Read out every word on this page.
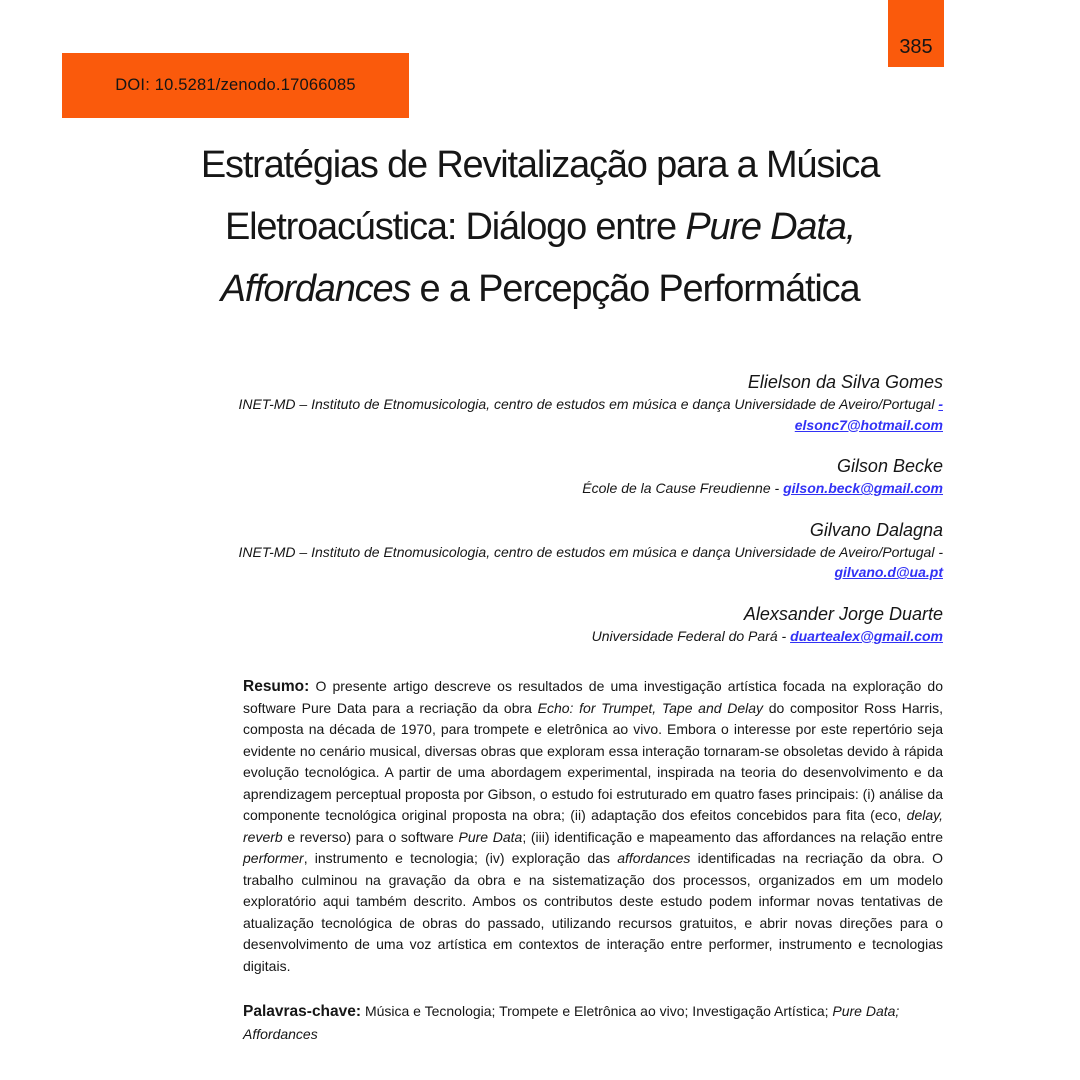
DOI: 10.5281/zenodo.17066085
385
Estratégias de Revitalização para a Música
Eletroacústica: Diálogo entre Pure Data,
Affordances e a Percepção Performática
Elielson da Silva Gomes
INET-MD – Instituto de Etnomusicologia, centro de estudos em música e dança Universidade de Aveiro/Portugal -
elsonc7@hotmail.com
Gilson Becke
École de la Cause Freudienne - gilson.beck@gmail.com
Gilvano Dalagna
INET-MD – Instituto de Etnomusicologia, centro de estudos em música e dança Universidade de Aveiro/Portugal -
gilvano.d@ua.pt
Alexsander Jorge Duarte
Universidade Federal do Pará - duartealex@gmail.com

Resumo: O presente artigo descreve os resultados de uma investigação artística focada na exploração do software Pure Data para a recriação da obra Echo: for Trumpet, Tape and Delay do compositor Ross Harris, composta na década de 1970, para trompete e eletrônica ao vivo. Embora o interesse por este repertório seja evidente no cenário musical, diversas obras que exploram essa interação tornaram-se obsoletas devido à rápida evolução tecnológica. A partir de uma abordagem experimental, inspirada na teoria do desenvolvimento e da aprendizagem perceptual proposta por Gibson, o estudo foi estruturado em quatro fases principais: (i) análise da componente tecnológica original proposta na obra; (ii) adaptação dos efeitos concebidos para fita (eco, delay, reverb e reverso) para o software Pure Data; (iii) identificação e mapeamento das affordances na relação entre performer, instrumento e tecnologia; (iv) exploração das affordances identificadas na recriação da obra. O trabalho culminou na gravação da obra e na sistematização dos processos, organizados em um modelo exploratório aqui também descrito. Ambos os contributos deste estudo podem informar novas tentativas de atualização tecnológica de obras do passado, utilizando recursos gratuitos, e abrir novas direções para o desenvolvimento de uma voz artística em contextos de interação entre performer, instrumento e tecnologias digitais.

Palavras-chave: Música e Tecnologia; Trompete e Eletrônica ao vivo; Investigação Artística; Pure Data;
Affordances
